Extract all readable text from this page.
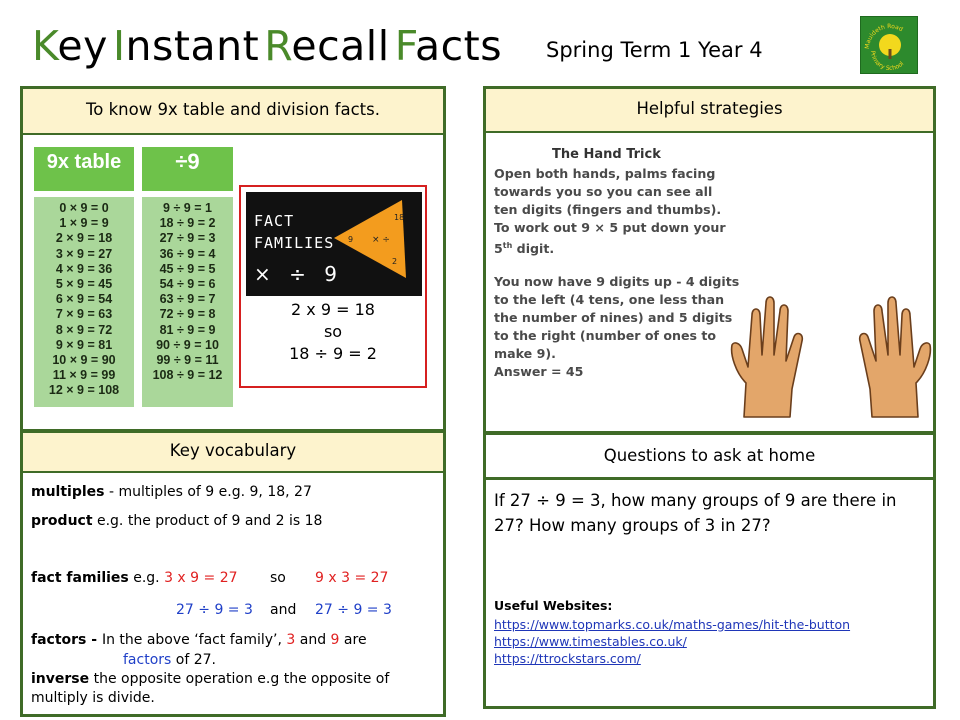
Key Instant Recall Facts Spring Term 1 Year 4	Mauldeth Road
Primary School
To know 9x table and division facts.
9x table
0 × 9 = 0
1 × 9 = 9
2 × 9 = 18
3 × 9 = 27
4 × 9 = 36
5 × 9 = 45
6 × 9 = 54
7 × 9 = 63
8 × 9 = 72
9 × 9 = 81
10 × 9 = 90
11 × 9 = 99
12 × 9 = 108
÷9
9 ÷ 9 = 1
18 ÷ 9 = 2
27 ÷ 9 = 3
36 ÷ 9 = 4
45 ÷ 9 = 5
54 ÷ 9 = 6
63 ÷ 9 = 7
72 ÷ 9 = 8
81 ÷ 9 = 9
90 ÷ 9 = 10
99 ÷ 9 = 11
108 ÷ 9 = 12
FACT
FAMILIES
× ÷ 9
18
9
2
× ÷
2 x 9 = 18
so
18 ÷ 9 = 2
Helpful strategies
The Hand Trick
Open both hands, palms facing
towards you so you can see all
ten digits (fingers and thumbs).
To work out 9 × 5 put down your
5th digit.
You now have 9 digits up - 4 digits
to the left (4 tens, one less than
the number of nines) and 5 digits
to the right (number of ones to
make 9).
Answer = 45
Key vocabulary
multiples - multiples of 9 e.g. 9, 18, 27
product e.g. the product of 9 and 2 is 18
fact families e.g. 3 x 9 = 27 so 9 x 3 = 27
27 ÷ 9 = 3 and 27 ÷ 9 = 3
factors - In the above ‘fact family’, 3 and 9 are
factors of 27.
inverse the opposite operation e.g the opposite of
multiply is divide.
Questions to ask at home
If 27 ÷ 9 = 3, how many groups of 9 are there in
27? How many groups of 3 in 27?
Useful Websites:
https://www.topmarks.co.uk/maths-games/hit-the-button
https://www.timestables.co.uk/
https://ttrockstars.com/
